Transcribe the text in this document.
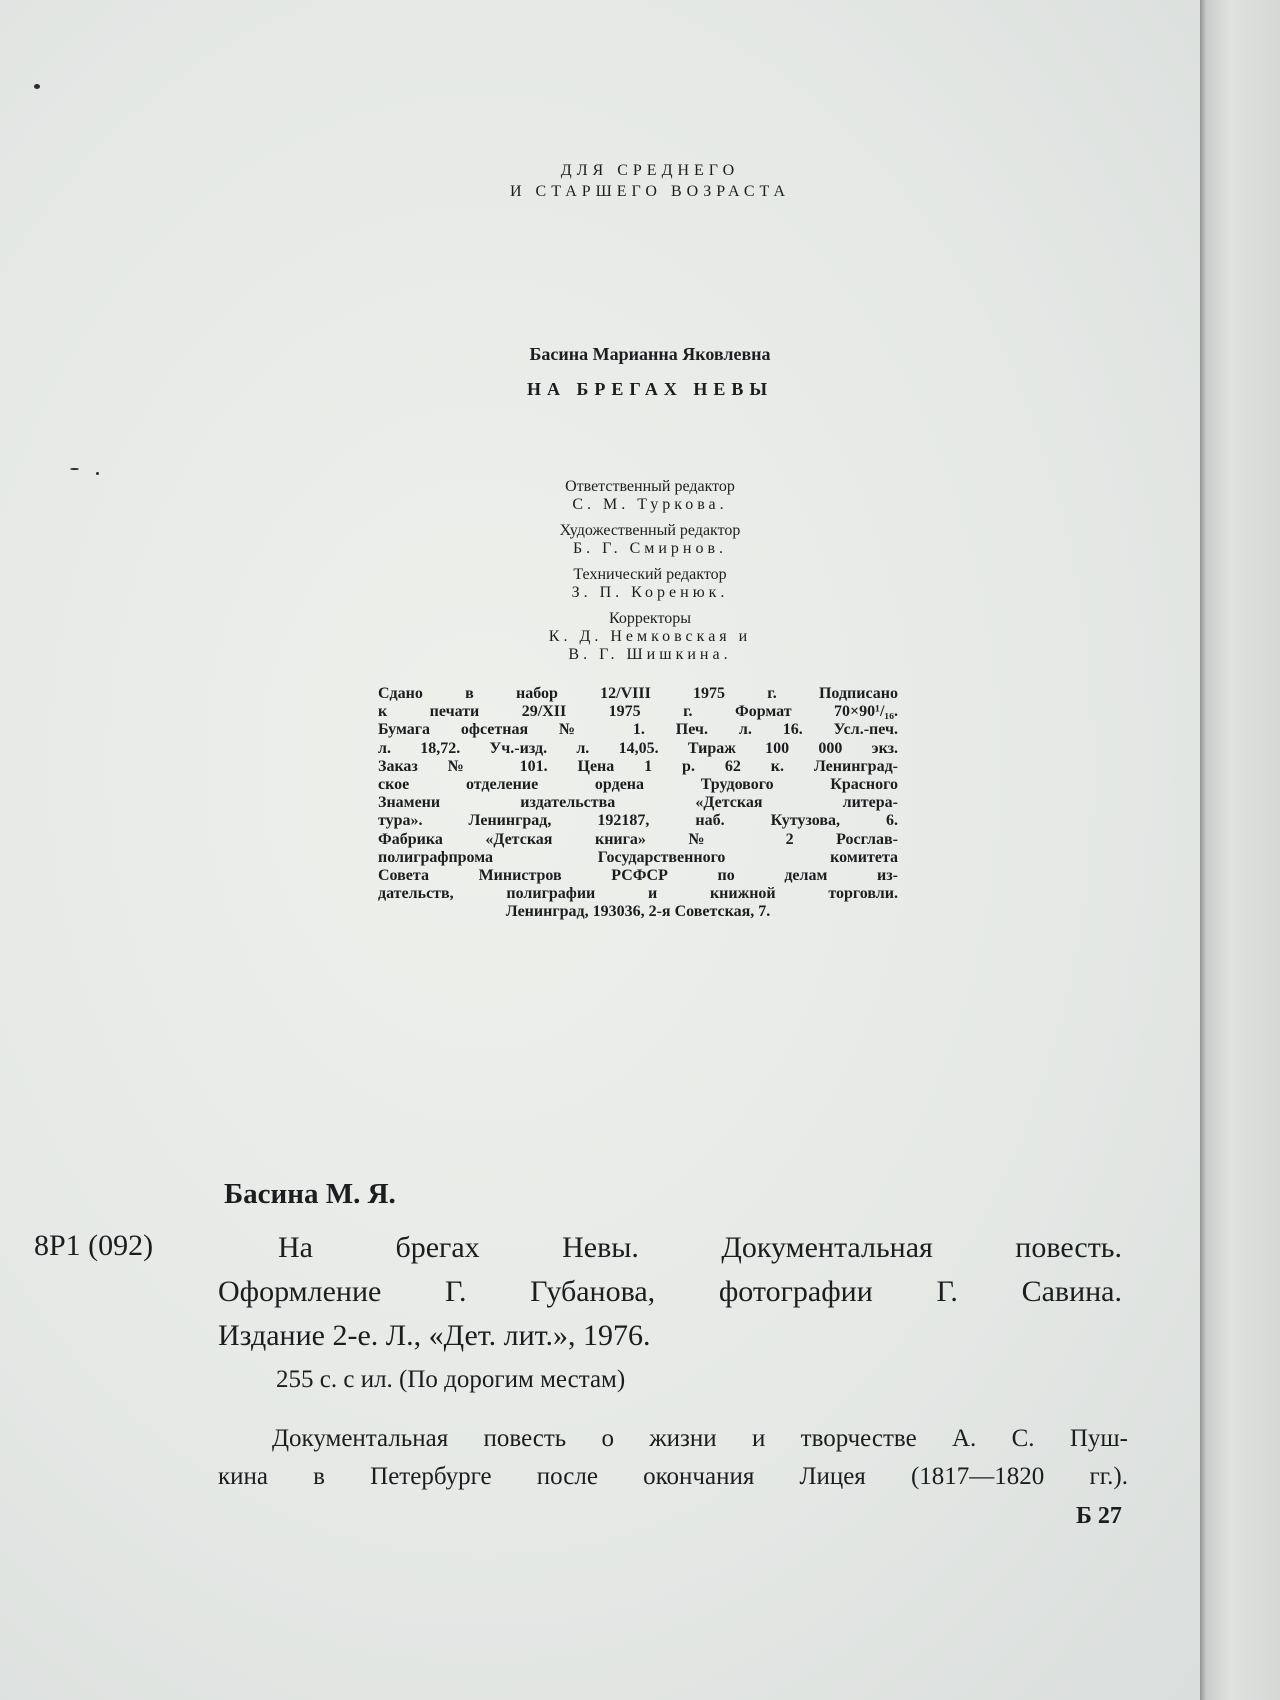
ДЛЯ СРЕДНЕГО
И СТАРШЕГО ВОЗРАСТА
Басина Марианна Яковлевна
НА БРЕГАХ НЕВЫ
Ответственный редактор
С. М. Туркова.
Художественный редактор
Б. Г. Смирнов.
Технический редактор
З. П. Коренюк.
Корректоры
К. Д. Немковская и
В. Г. Шишкина.
Сдано в набор 12/VIII 1975 г. Подписано
к печати 29/XII 1975 г. Формат 70×90¹/₁₆.
Бумага офсетная № 1. Печ. л. 16. Усл.-печ.
л. 18,72. Уч.-изд. л. 14,05. Тираж 100 000 экз.
Заказ № 101. Цена 1 р. 62 к. Ленинград-
ское отделение ордена Трудового Красного
Знамени издательства «Детская литера-
тура». Ленинград, 192187, наб. Кутузова, 6.
Фабрика «Детская книга» № 2 Росглав-
полиграфпрома Государственного комитета
Совета Министров РСФСР по делам из-
дательств, полиграфии и книжной торговли.
Ленинград, 193036, 2-я Советская, 7.
Басина М. Я.
8Р1 (092)	На брегах Невы. Документальная повесть.
Оформление Г. Губанова, фотографии Г. Савина.
Издание 2-е. Л., «Дет. лит.», 1976.
255 с. с ил. (По дорогим местам)
Документальная повесть о жизни и творчестве А. С. Пуш-
кина в Петербурге после окончания Лицея (1817—1820 гг.).
Б 27
